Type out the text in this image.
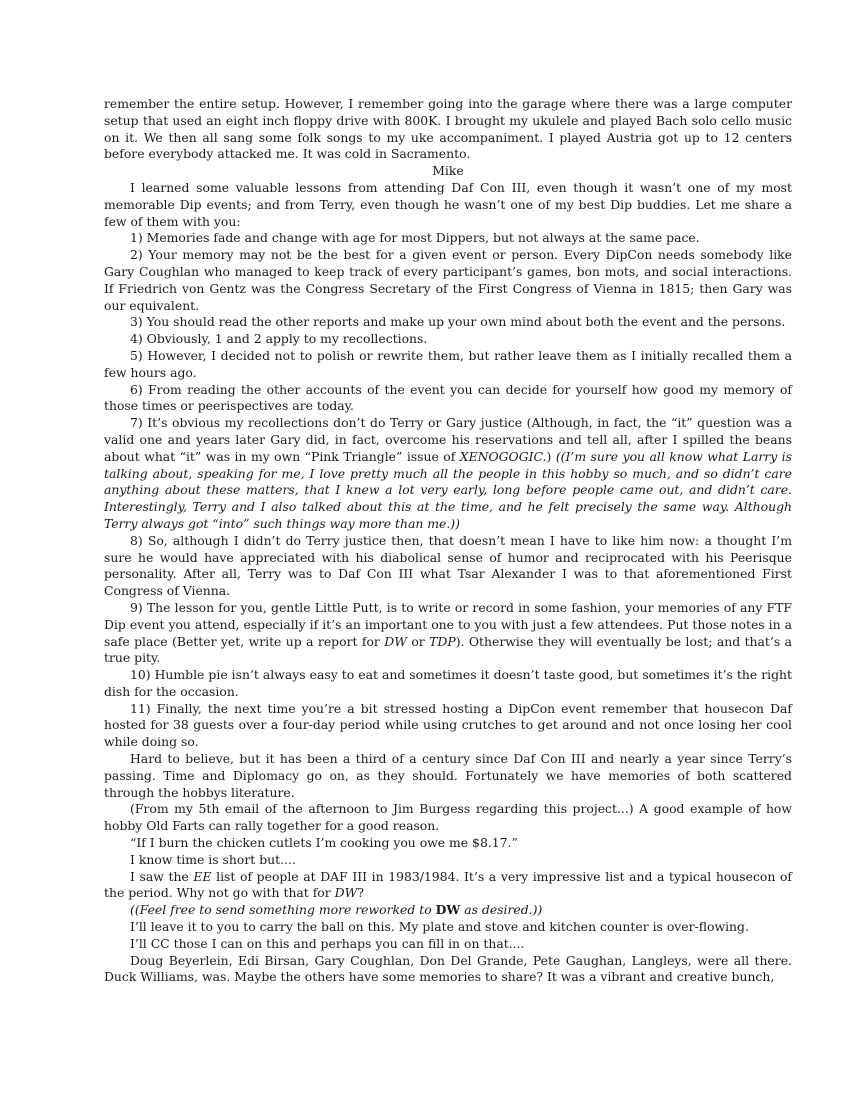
remember the entire setup. However, I remember going into the garage where there was a large computer setup that used an eight inch floppy drive with 800K. I brought my ukulele and played Bach solo cello music on it. We then all sang some folk songs to my uke accompaniment. I played Austria got up to 12 centers before everybody attacked me. It was cold in Sacramento.

Mike

I learned some valuable lessons from attending Daf Con III, even though it wasn’t one of my most memorable Dip events; and from Terry, even though he wasn’t one of my best Dip buddies. Let me share a few of them with you:

1) Memories fade and change with age for most Dippers, but not always at the same pace.

2) Your memory may not be the best for a given event or person. Every DipCon needs somebody like Gary Coughlan who managed to keep track of every participant’s games, bon mots, and social interactions. If Friedrich von Gentz was the Congress Secretary of the First Congress of Vienna in 1815; then Gary was our equivalent.

3) You should read the other reports and make up your own mind about both the event and the persons.

4) Obviously, 1 and 2 apply to my recollections.

5) However, I decided not to polish or rewrite them, but rather leave them as I initially recalled them a few hours ago.

6) From reading the other accounts of the event you can decide for yourself how good my memory of those times or peerispectives are today.

7) It’s obvious my recollections don’t do Terry or Gary justice (Although, in fact, the “it” question was a valid one and years later Gary did, in fact, overcome his reservations and tell all, after I spilled the beans about what “it” was in my own “Pink Triangle” issue of XENOGOGIC.) ((I’m sure you all know what Larry is talking about, speaking for me, I love pretty much all the people in this hobby so much, and so didn’t care anything about these matters, that I knew a lot very early, long before people came out, and didn’t care. Interestingly, Terry and I also talked about this at the time, and he felt precisely the same way. Although Terry always got “into” such things way more than me.))

8) So, although I didn’t do Terry justice then, that doesn’t mean I have to like him now: a thought I’m sure he would have appreciated with his diabolical sense of humor and reciprocated with his Peerisque personality. After all, Terry was to Daf Con III what Tsar Alexander I was to that aforementioned First Congress of Vienna.

9) The lesson for you, gentle Little Putt, is to write or record in some fashion, your memories of any FTF Dip event you attend, especially if it’s an important one to you with just a few attendees. Put those notes in a safe place (Better yet, write up a report for DW or TDP). Otherwise they will eventually be lost; and that’s a true pity.

10) Humble pie isn’t always easy to eat and sometimes it doesn’t taste good, but sometimes it’s the right dish for the occasion.

11) Finally, the next time you’re a bit stressed hosting a DipCon event remember that housecon Daf hosted for 38 guests over a four-day period while using crutches to get around and not once losing her cool while doing so.

Hard to believe, but it has been a third of a century since Daf Con III and nearly a year since Terry’s passing. Time and Diplomacy go on, as they should. Fortunately we have memories of both scattered through the hobbys literature.

(From my 5th email of the afternoon to Jim Burgess regarding this project...) A good example of how hobby Old Farts can rally together for a good reason.

“If I burn the chicken cutlets I’m cooking you owe me $8.17.”

I know time is short but....

I saw the EE list of people at DAF III in 1983/1984. It’s a very impressive list and a typical housecon of the period. Why not go with that for DW?

((Feel free to send something more reworked to DW as desired.))

I’ll leave it to you to carry the ball on this. My plate and stove and kitchen counter is over-flowing.

I’ll CC those I can on this and perhaps you can fill in on that....

Doug Beyerlein, Edi Birsan, Gary Coughlan, Don Del Grande, Pete Gaughan, Langleys, were all there. Duck Williams, was. Maybe the others have some memories to share? It was a vibrant and creative bunch,
